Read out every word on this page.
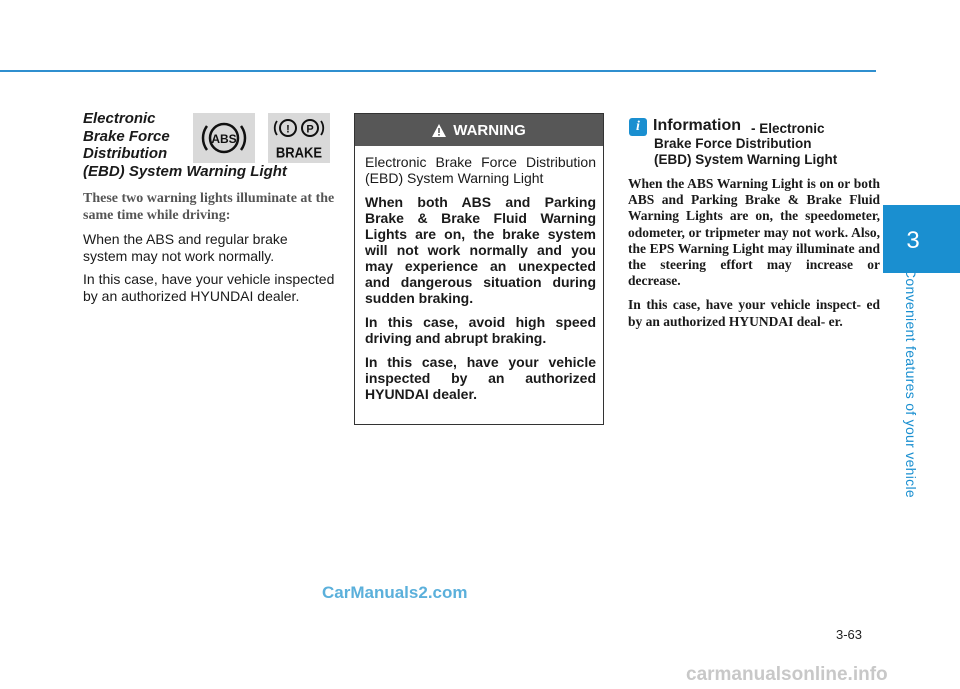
3
Convenient features of your vehicle
Electronic
Brake Force
Distribution
(EBD) System Warning Light
These two warning lights illuminate at the same time while driving:

When the ABS and regular brake system may not work normally.

In this case, have your vehicle inspected by an authorized HYUNDAI dealer.

ABS
! P
BRAKE
WARNING

Electronic Brake Force Distribution (EBD) System Warning Light

When both ABS and Parking Brake & Brake Fluid Warning Lights are on, the brake system will not work normally and you may experience an unexpected and dangerous situation during sudden braking.

In this case, avoid high speed driving and abrupt braking.

In this case, have your vehicle inspected by an authorized HYUNDAI dealer.

i Information - Electronic
Brake Force Distribution
(EBD) System Warning Light

When the ABS Warning Light is on or both ABS and Parking Brake & Brake Fluid Warning Lights are on, the speedometer, odometer, or tripmeter may not work. Also, the EPS Warning Light may illuminate and the steering effort may increase or decrease.

In this case, have your vehicle inspect- ed by an authorized HYUNDAI deal- er.

3-63
CarManuals2.com
carmanualsonline.info
